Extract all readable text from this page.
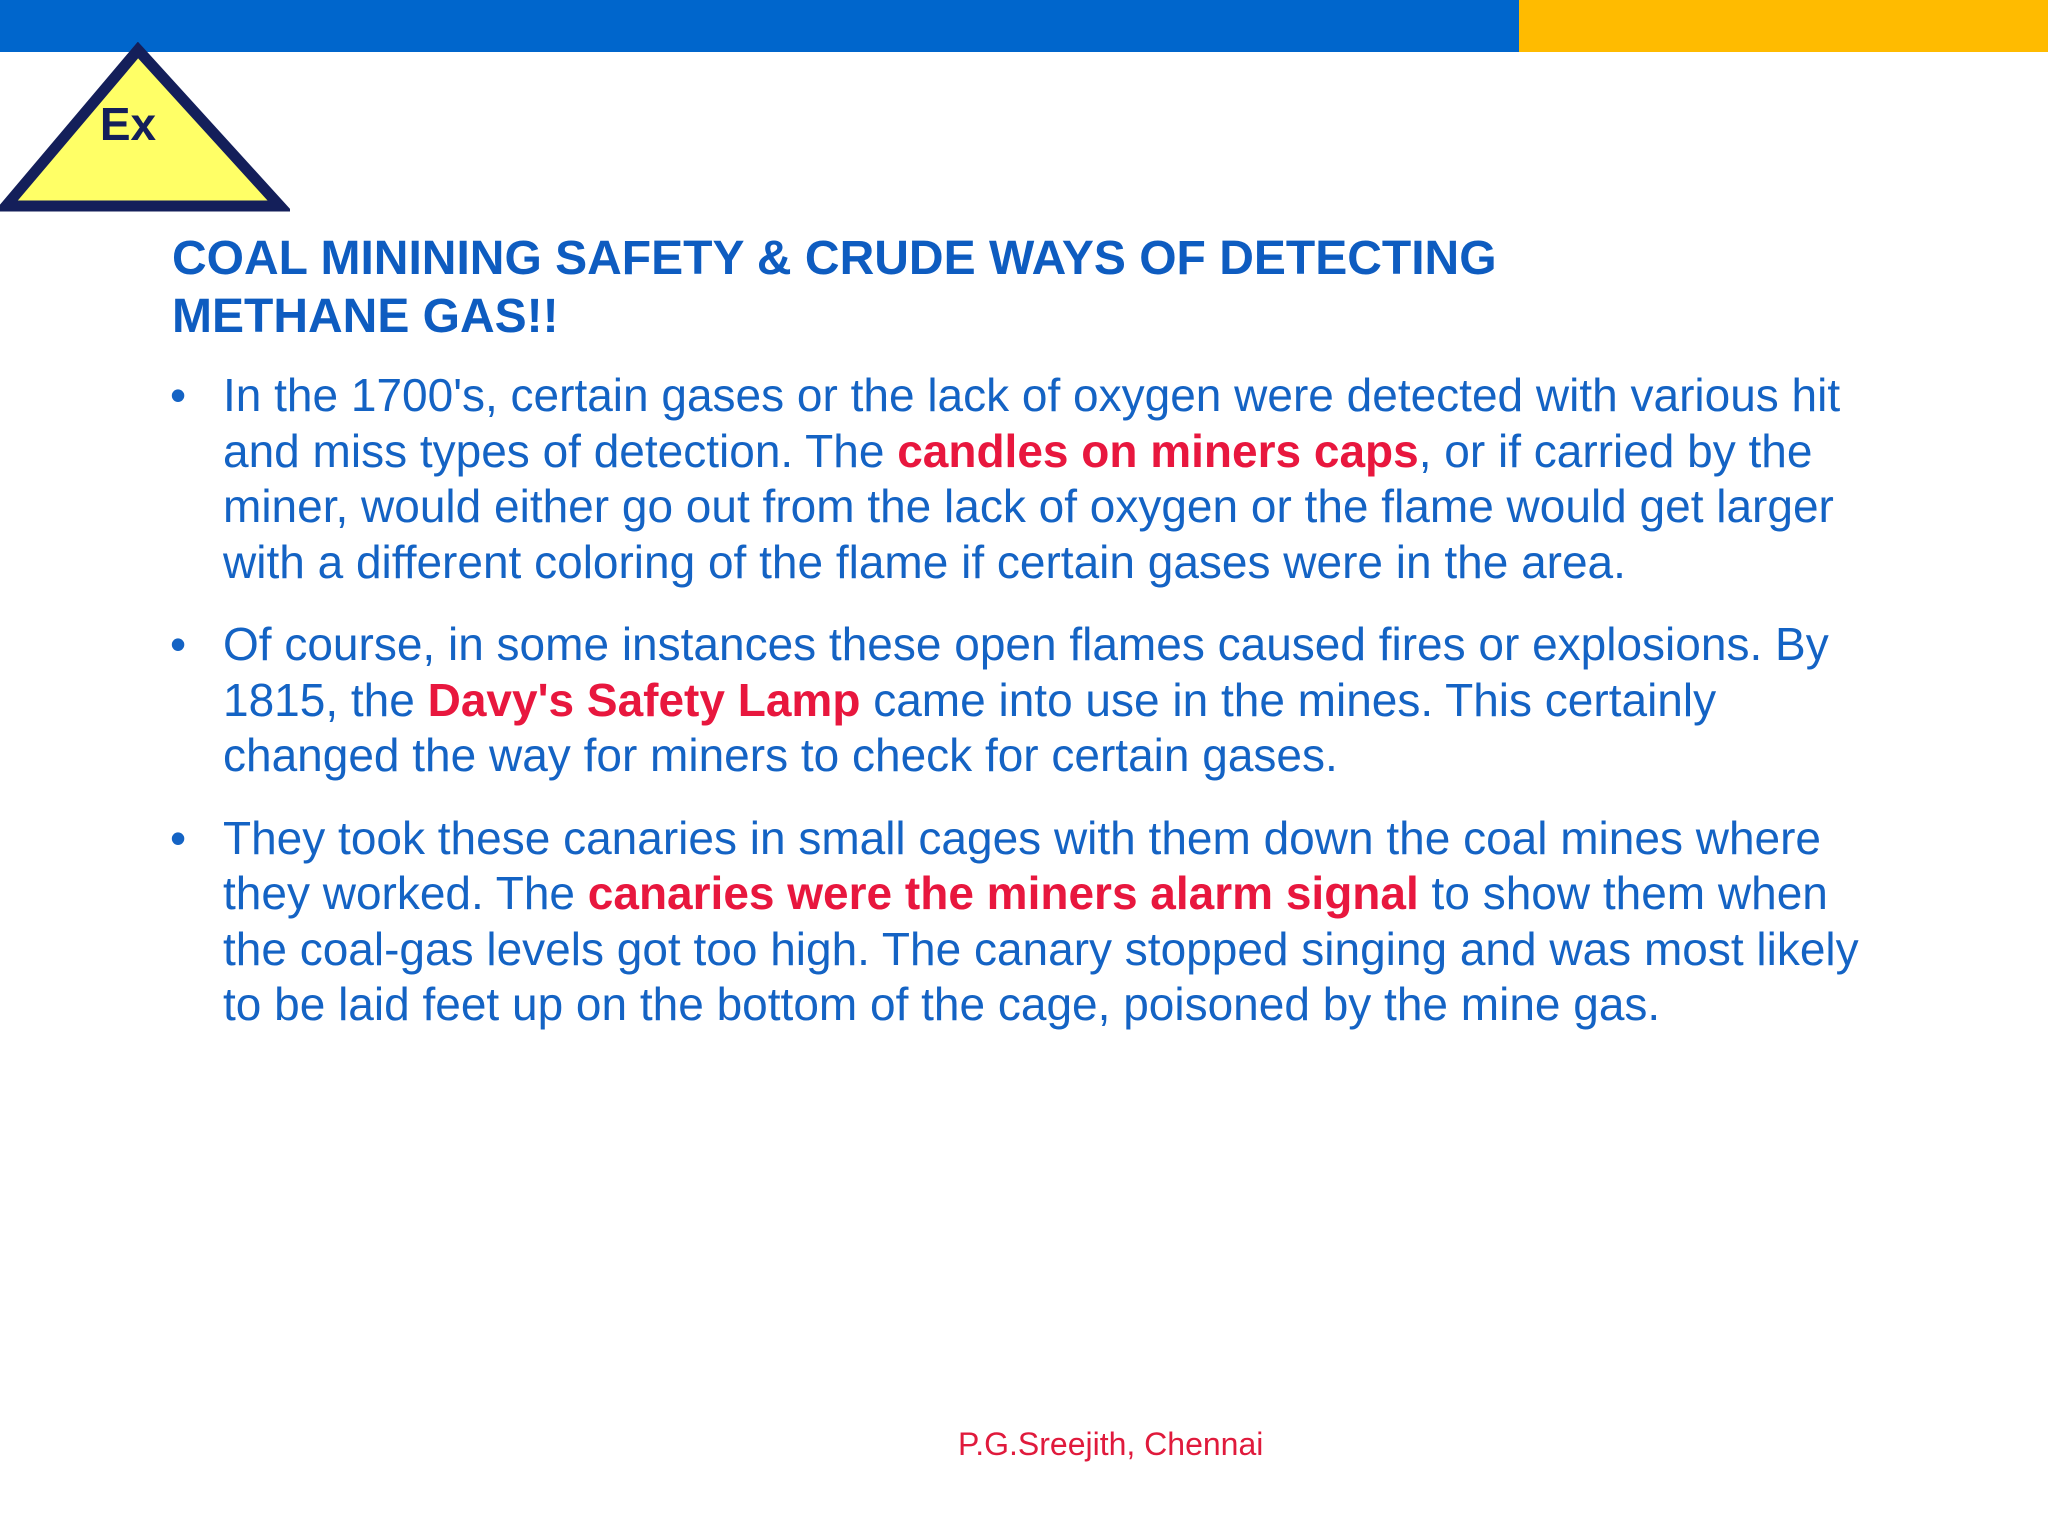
Ex
COAL MININING SAFETY & CRUDE WAYS OF DETECTING
METHANE GAS!!
• In the 1700's, certain gases or the lack of oxygen were detected with various hit and miss types of detection. The candles on miners caps, or if carried by the miner, would either go out from the lack of oxygen or the flame would get larger with a different coloring of the flame if certain gases were in the area.
• Of course, in some instances these open flames caused fires or explosions. By 1815, the Davy's Safety Lamp came into use in the mines. This certainly changed the way for miners to check for certain gases.
• They took these canaries in small cages with them down the coal mines where they worked. The canaries were the miners alarm signal to show them when the coal-gas levels got too high. The canary stopped singing and was most likely to be laid feet up on the bottom of the cage, poisoned by the mine gas.
P.G.Sreejith, Chennai
